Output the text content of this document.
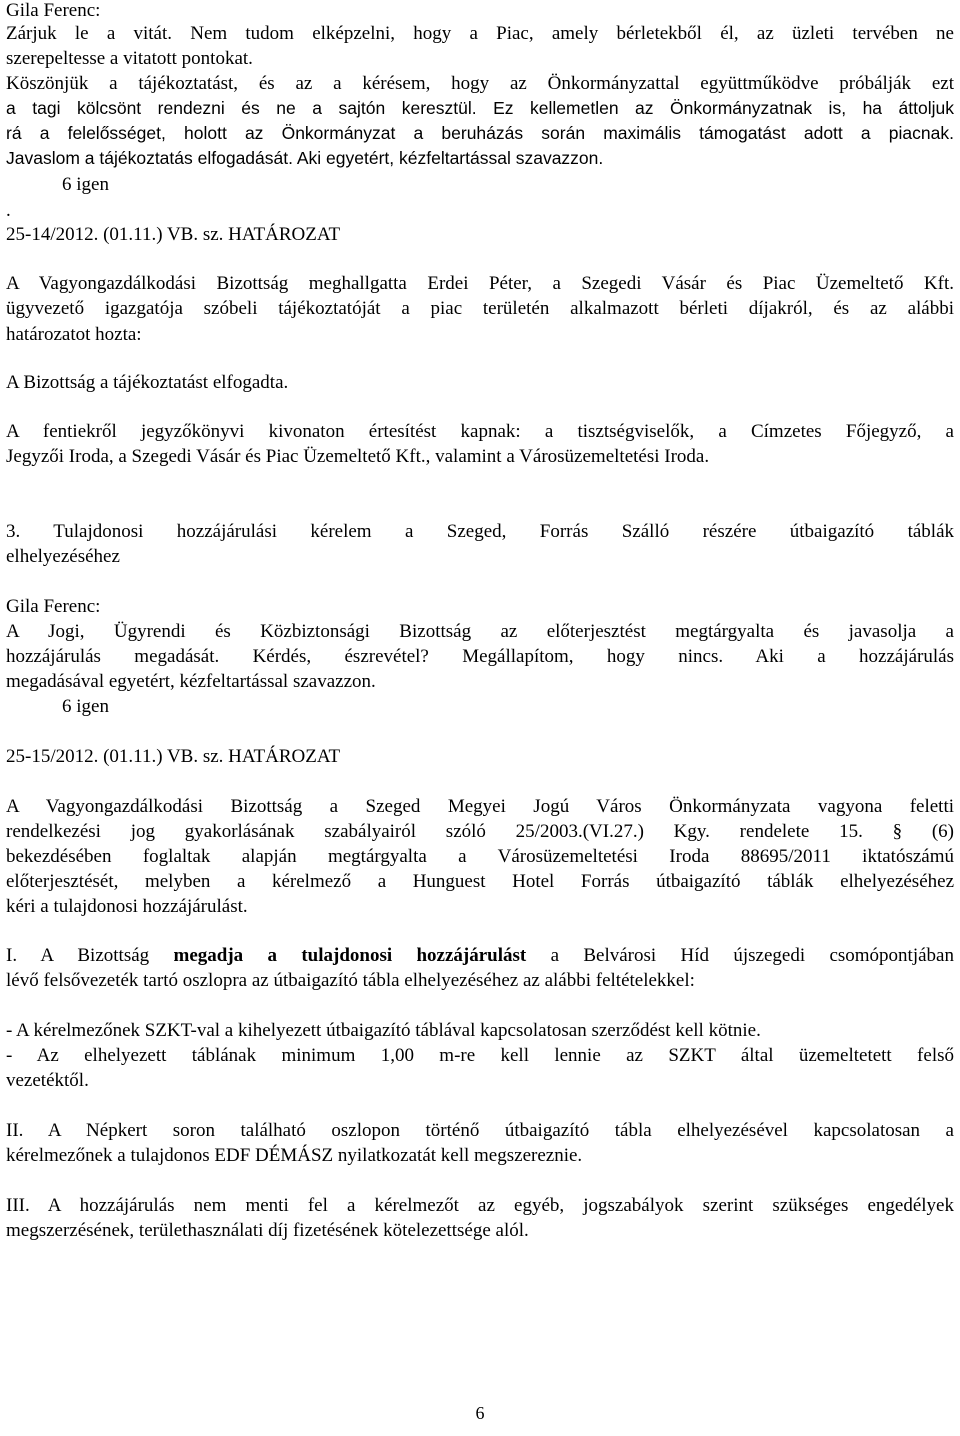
Gila Ferenc:
Zárjuk le a vitát. Nem tudom elképzelni, hogy a Piac, amely bérletekből él, az üzleti tervében ne
szerepeltesse a vitatott pontokat.
Köszönjük a tájékoztatást, és az a kérésem, hogy az Önkormányzattal együttműködve próbálják ezt
a tagi kölcsönt rendezni és ne a sajtón keresztül. Ez kellemetlen az Önkormányzatnak is, ha áttoljuk
rá a felelősséget, holott az Önkormányzat a beruházás során maximális támogatást adott a piacnak.
Javaslom a tájékoztatás elfogadását. Aki egyetért, kézfeltartással szavazzon.
6 igen
.
25-14/2012. (01.11.) VB. sz. HATÁROZAT
A Vagyongazdálkodási Bizottság meghallgatta Erdei Péter, a Szegedi Vásár és Piac Üzemeltető Kft.
ügyvezető igazgatója szóbeli tájékoztatóját a piac területén alkalmazott bérleti díjakról, és az alábbi
határozatot hozta:
A Bizottság a tájékoztatást elfogadta.
A fentiekről jegyzőkönyvi kivonaton értesítést kapnak: a tisztségviselők, a Címzetes Főjegyző, a
Jegyzői Iroda, a Szegedi Vásár és Piac Üzemeltető Kft., valamint a Városüzemeltetési Iroda.
3. Tulajdonosi hozzájárulási kérelem a Szeged, Forrás Szálló részére útbaigazító táblák
elhelyezéséhez
Gila Ferenc:
A Jogi, Ügyrendi és Közbiztonsági Bizottság az előterjesztést megtárgyalta és javasolja a
hozzájárulás megadását. Kérdés, észrevétel? Megállapítom, hogy nincs. Aki a hozzájárulás
megadásával egyetért, kézfeltartással szavazzon.
6 igen
25-15/2012. (01.11.) VB. sz. HATÁROZAT
A Vagyongazdálkodási Bizottság a Szeged Megyei Jogú Város Önkormányzata vagyona feletti
rendelkezési jog gyakorlásának szabályairól szóló 25/2003.(VI.27.) Kgy. rendelete 15. § (6)
bekezdésében foglaltak alapján megtárgyalta a Városüzemeltetési Iroda 88695/2011 iktatószámú
előterjesztését, melyben a kérelmező a Hunguest Hotel Forrás útbaigazító táblák elhelyezéséhez
kéri a tulajdonosi hozzájárulást.
I. A Bizottság megadja a tulajdonosi hozzájárulást a Belvárosi Híd újszegedi csomópontjában
lévő felsővezeték tartó oszlopra az útbaigazító tábla elhelyezéséhez az alábbi feltételekkel:
- A kérelmezőnek SZKT-val a kihelyezett útbaigazító táblával kapcsolatosan szerződést kell kötnie.
- Az elhelyezett táblának minimum 1,00 m-re kell lennie az SZKT által üzemeltetett felső
vezetéktől.
II. A Népkert soron található oszlopon történő útbaigazító tábla elhelyezésével kapcsolatosan a
kérelmezőnek a tulajdonos EDF DÉMÁSZ nyilatkozatát kell megszereznie.
III. A hozzájárulás nem menti fel a kérelmezőt az egyéb, jogszabályok szerint szükséges engedélyek
megszerzésének, területhasználati díj fizetésének kötelezettsége alól.
6
